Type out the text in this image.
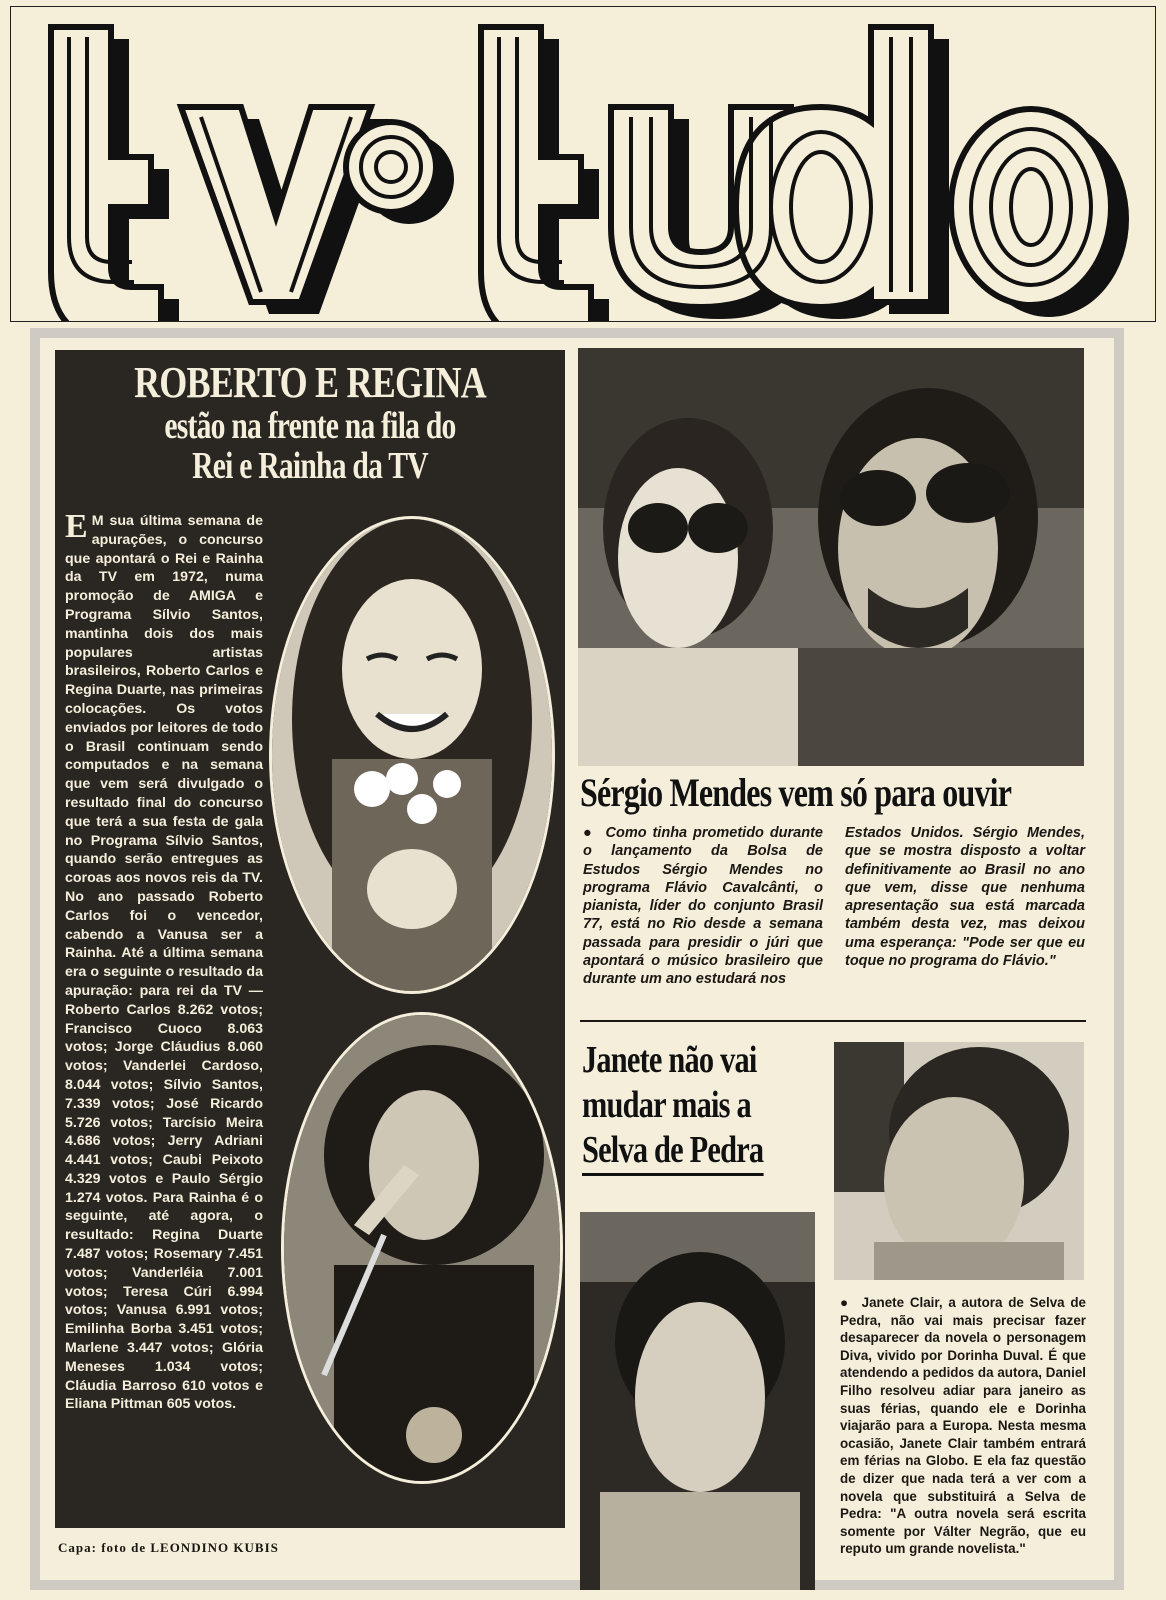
ROBERTO E REGINA
estão na frente na fila do
Rei e Rainha da TV
E M sua última semana de apurações, o concurso que apontará o Rei e Rainha da TV em 1972, numa promoção de AMIGA e Programa Sílvio Santos, mantinha dois dos mais populares artistas brasileiros, Roberto Carlos e Regina Duarte, nas primeiras colocações. Os votos enviados por leitores de todo o Brasil continuam sendo computados e na semana que vem será divulgado o resultado final do concurso que terá a sua festa de gala no Programa Sílvio Santos, quando serão entregues as coroas aos novos reis da TV. No ano passado Roberto Carlos foi o vencedor, cabendo a Vanusa ser a Rainha. Até a última semana era o seguinte o resultado da apuração: para rei da TV — Roberto Carlos 8.262 votos; Francisco Cuoco 8.063 votos; Jorge Cláudius 8.060 votos; Vanderlei Cardoso, 8.044 votos; Sílvio Santos, 7.339 votos; José Ricardo 5.726 votos; Tarcísio Meira 4.686 votos; Jerry Adriani 4.441 votos; Caubi Peixoto 4.329 votos e Paulo Sérgio 1.274 votos. Para Rainha é o seguinte, até agora, o resultado: Regina Duarte 7.487 votos; Rosemary 7.451 votos; Vanderléia 7.001 votos; Teresa Cúri 6.994 votos; Vanusa 6.991 votos; Emilinha Borba 3.451 votos; Marlene 3.447 votos; Glória Meneses 1.034 votos; Cláudia Barroso 610 votos e Eliana Pittman 605 votos.
Capa: foto de LEONDINO KUBIS
Sérgio Mendes vem só para ouvir
● Como tinha prometido durante o lançamento da Bolsa de Estudos Sérgio Mendes no programa Flávio Cavalcânti, o pianista, líder do conjunto Brasil 77, está no Rio desde a semana passada para presidir o júri que apontará o músico brasileiro que durante um ano estudará nos
Estados Unidos. Sérgio Mendes, que se mostra disposto a voltar definitivamente ao Brasil no ano que vem, disse que nenhuma apresentação sua está marcada também desta vez, mas deixou uma esperança: "Pode ser que eu toque no programa do Flávio."
Janete não vai
mudar mais a
Selva de Pedra
● Janete Clair, a autora de Selva de Pedra, não vai mais precisar fazer desaparecer da novela o personagem Diva, vivido por Dorinha Duval. É que atendendo a pedidos da autora, Daniel Filho resolveu adiar para janeiro as suas férias, quando ele e Dorinha viajarão para a Europa. Nesta mesma ocasião, Janete Clair também entrará em férias na Globo. E ela faz questão de dizer que nada terá a ver com a novela que substituirá a Selva de Pedra: "A outra novela será escrita somente por Válter Negrão, que eu reputo um grande novelista."
